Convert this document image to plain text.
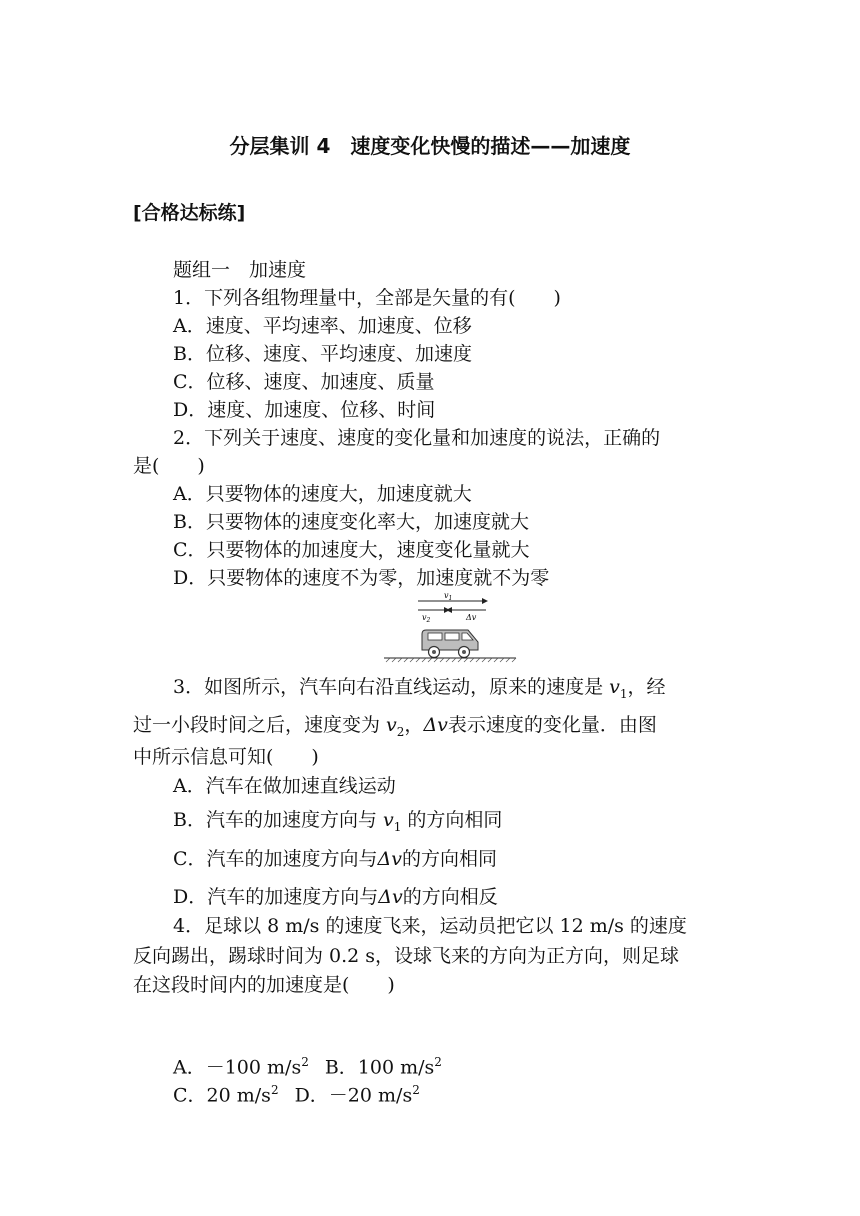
分层集训 4　速度变化快慢的描述——加速度
[合格达标练]
题组一　加速度
1．下列各组物理量中，全部是矢量的有(　　)
A．速度、平均速率、加速度、位移
B．位移、速度、平均速度、加速度
C．位移、速度、加速度、质量
D．速度、加速度、位移、时间
2．下列关于速度、速度的变化量和加速度的说法，正确的
是(　　)
A．只要物体的速度大，加速度就大
B．只要物体的速度变化率大，加速度就大
C．只要物体的加速度大，速度变化量就大
D．只要物体的速度不为零，加速度就不为零
$v_1$
$v_2$	Δv
3．如图所示，汽车向右沿直线运动，原来的速度是 $v_1$，经
过一小段时间之后，速度变为 $v_2$，Δv表示速度的变化量．由图
中所示信息可知(　　)
A．汽车在做加速直线运动
B．汽车的加速度方向与 $v_1$ 的方向相同
C．汽车的加速度方向与Δv的方向相同
D．汽车的加速度方向与Δv的方向相反
4．足球以 8 m/s 的速度飞来，运动员把它以 12 m/s 的速度
反向踢出，踢球时间为 0.2 s，设球飞来的方向为正方向，则足球
在这段时间内的加速度是(　　)
A．－100 $m/s^2$ B．100 $m/s^2$
C．20 $m/s^2$ D．－20 $m/s^2$
